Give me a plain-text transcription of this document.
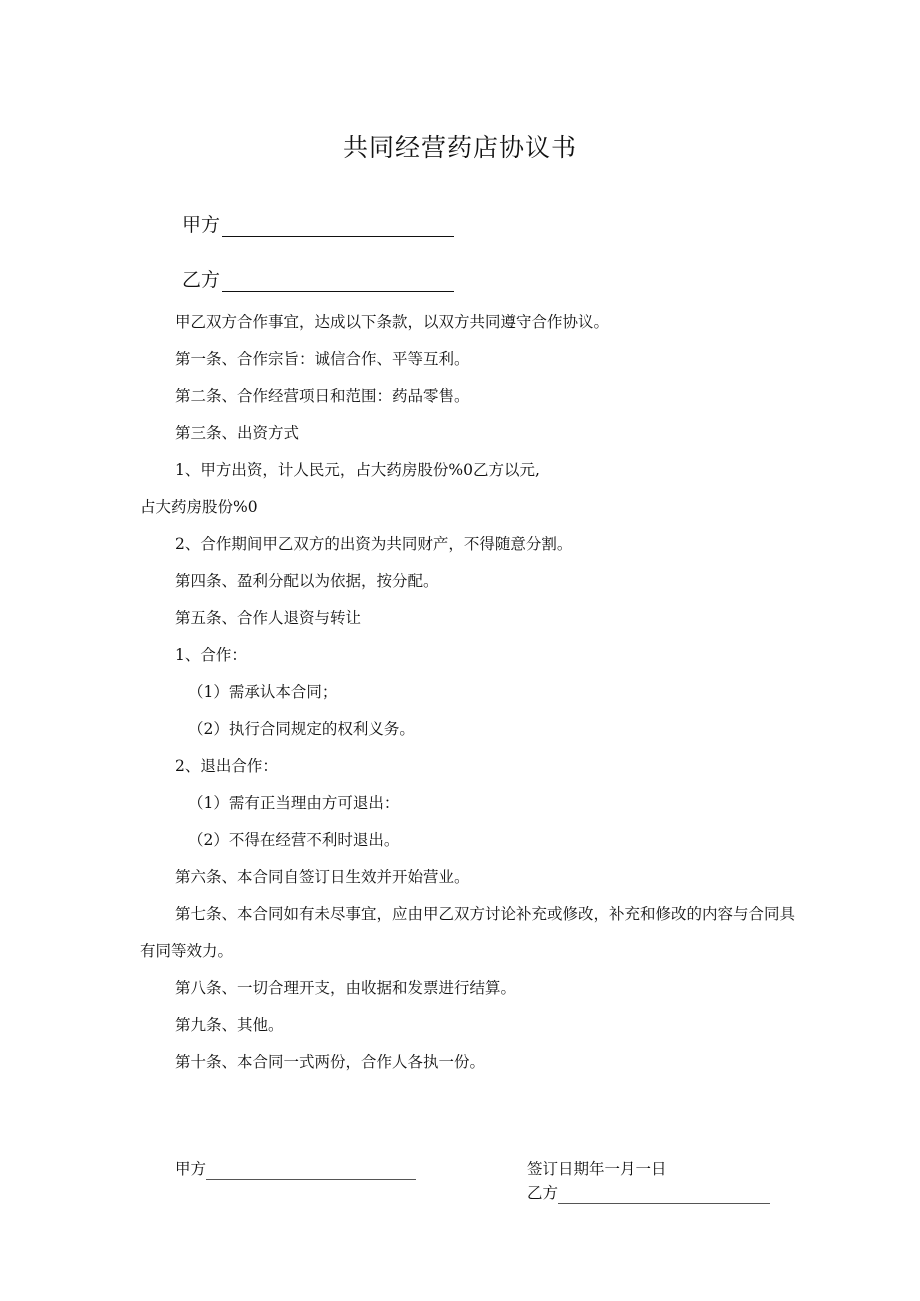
共同经营药店协议书
甲方
乙方
甲乙双方合作事宜，达成以下条款，以双方共同遵守合作协议。
第一条、合作宗旨：诚信合作、平等互利。
第二条、合作经营项日和范围：药品零售。
第三条、出资方式
1、甲方出资，计人民元，占大药房股份%0乙方以元,
占大药房股份%0
2、合作期间甲乙双方的出资为共同财产，不得随意分割。
第四条、盈利分配以为依据，按分配。
第五条、合作人退资与转让
1、合作：
（1）需承认本合同；
（2）执行合同规定的权利义务。
2、退出合作：
（1）需有正当理由方可退出：
（2）不得在经营不利时退出。
第六条、本合同自签订日生效并开始营业。
第七条、本合同如有未尽事宜，应由甲乙双方讨论补充或修改，补充和修改的内容与合同具有同等效力。
第八条、一切合理开支，由收据和发票进行结算。
第九条、其他。
第十条、本合同一式两份，合作人各执一份。
甲方	签订日期年一月一日
乙方
